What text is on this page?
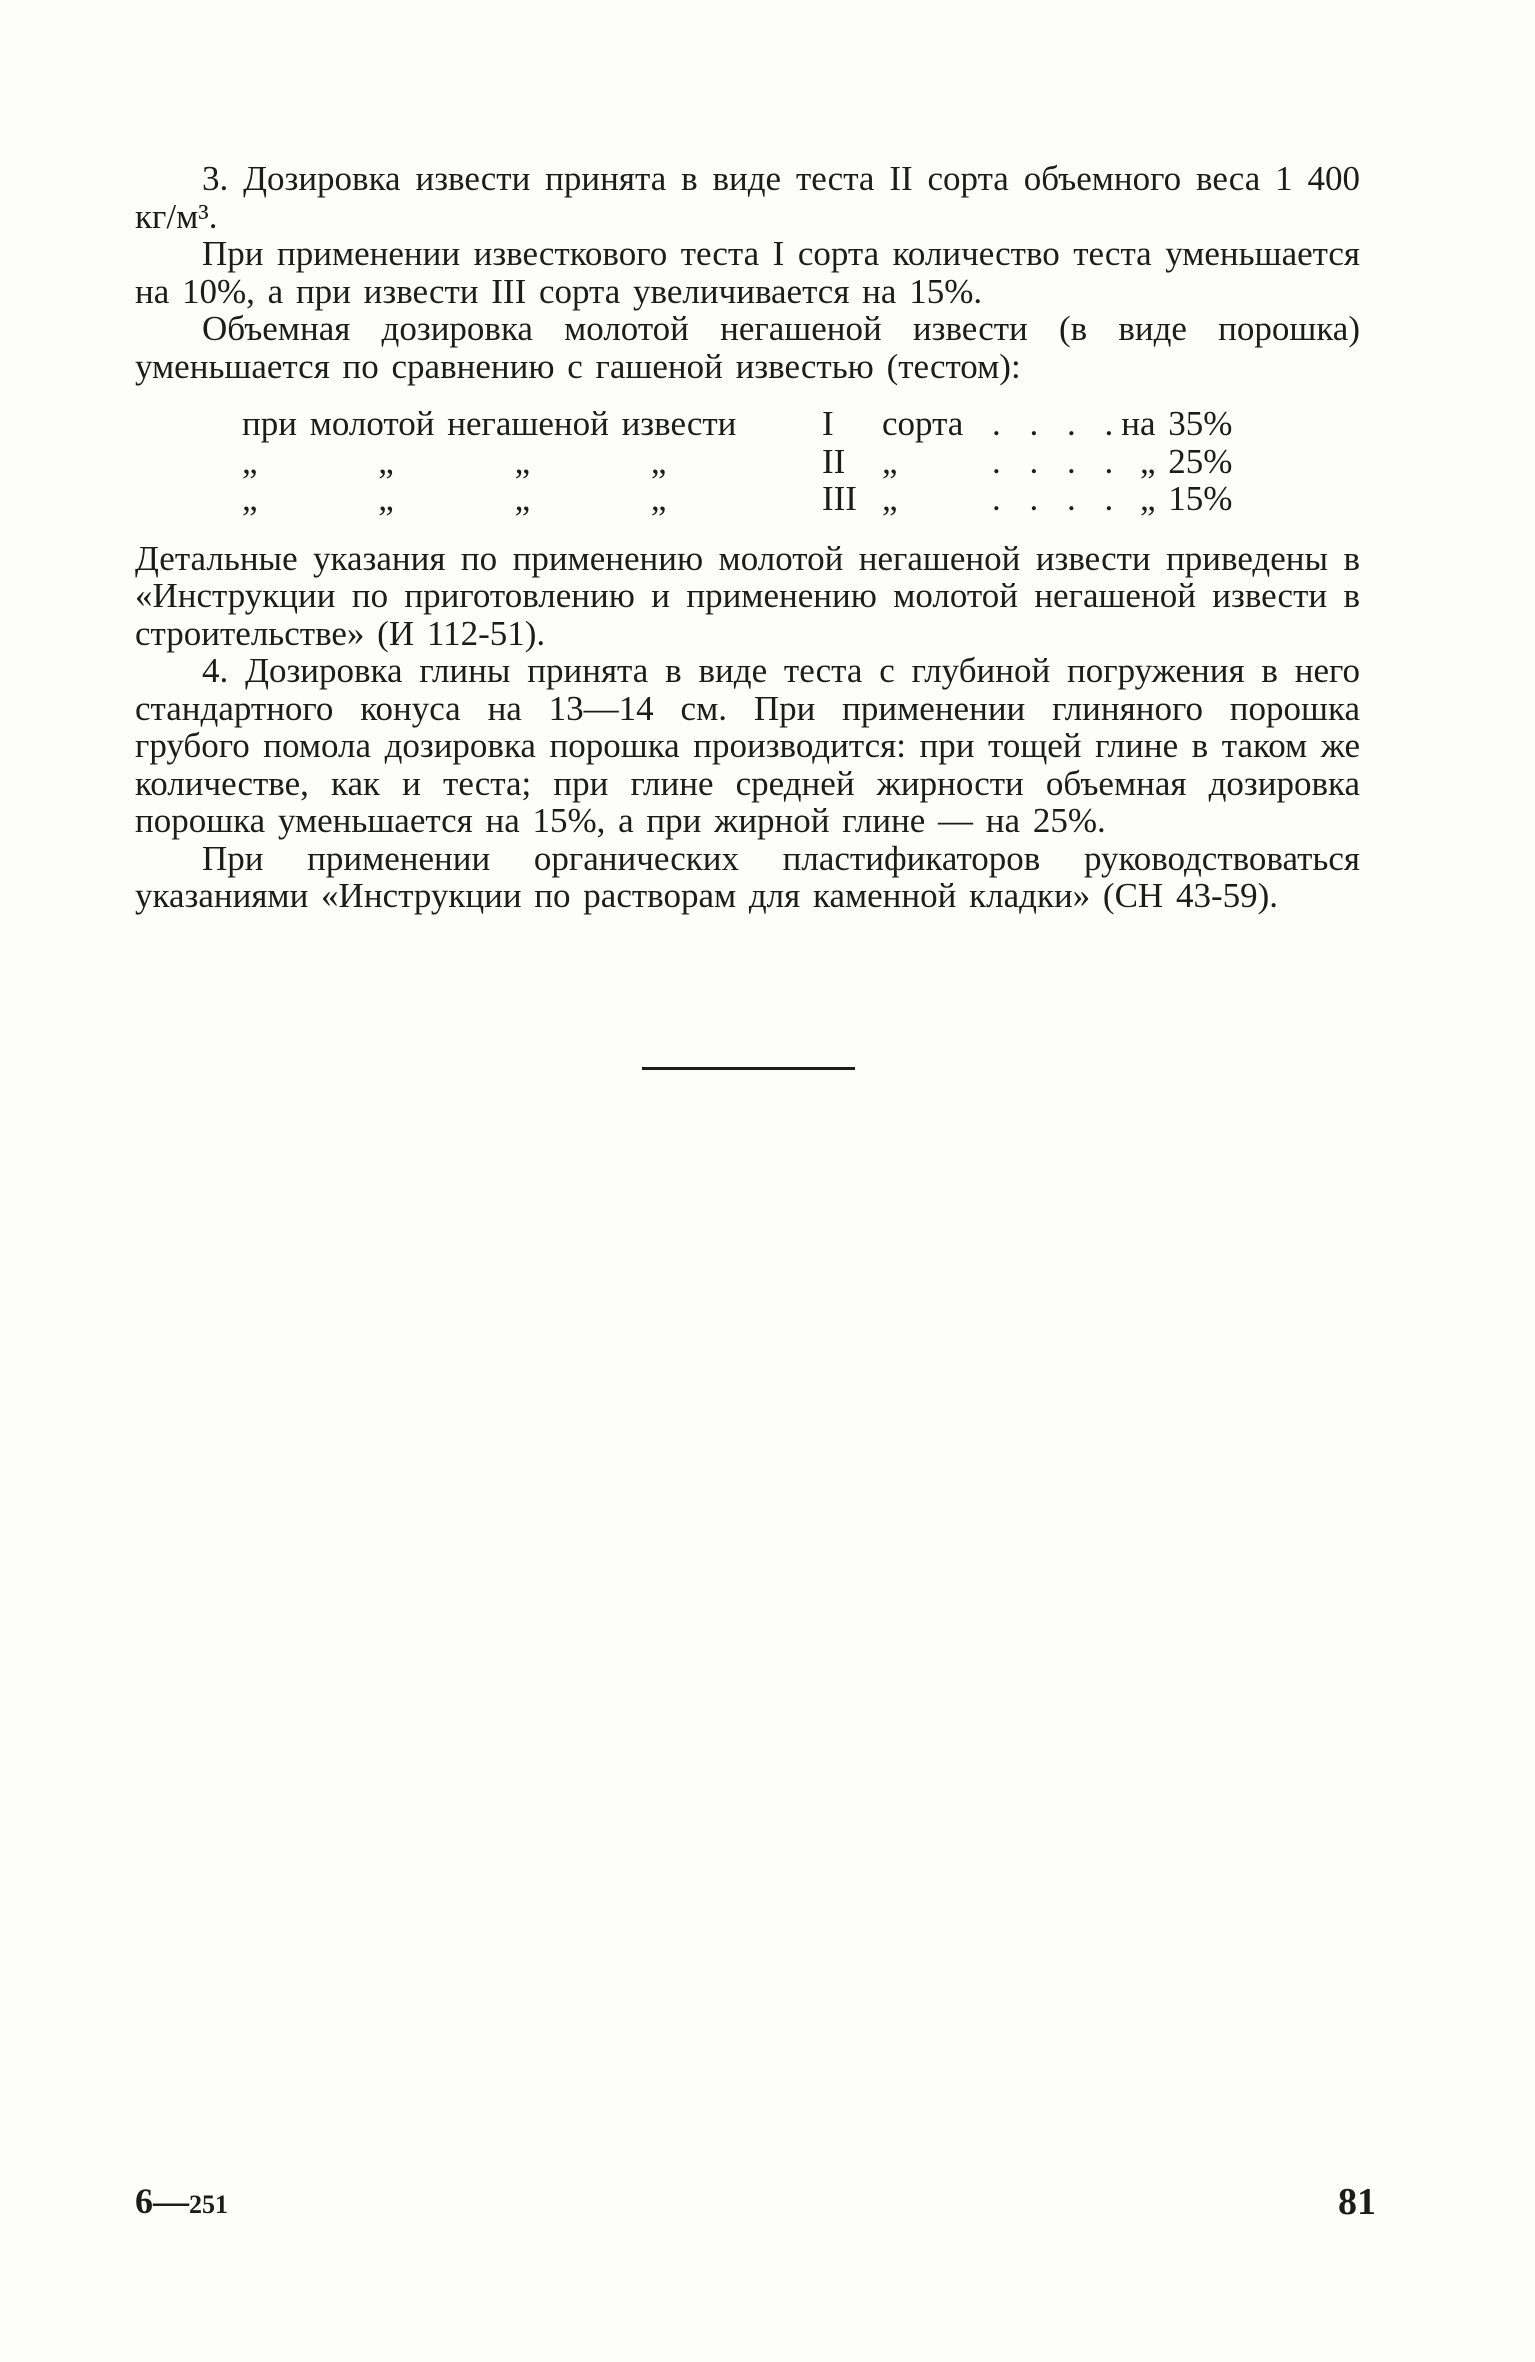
3. Дозировка извести принята в виде теста II сорта объемного веса 1 400 кг/м³.

При применении известкового теста I сорта количество теста уменьшается на 10%, а при извести III сорта увеличивается на 15%.

Объемная дозировка молотой негашеной извести (в виде порошка) уменьшается по сравнению с гашеной известью (тестом):

при молотой негашеной извести	I	сорта	. . . .	на 35%
„ „ „ „	II	„	. . . .	„ 25%
„ „ „ „	III	„	. . . .	„ 15%

Детальные указания по применению молотой негашеной извести приведены в «Инструкции по приготовлению и применению молотой негашеной извести в строительстве» (И 112-51).

4. Дозировка глины принята в виде теста с глубиной погружения в него стандартного конуса на 13—14 см. При применении глиняного порошка грубого помола дозировка порошка производится: при тощей глине в таком же количестве, как и теста; при глине средней жирности объемная дозировка порошка уменьшается на 15%, а при жирной глине — на 25%.

При применении органических пластификаторов руководствоваться указаниями «Инструкции по растворам для каменной кладки» (СН 43-59).

6—251	81
